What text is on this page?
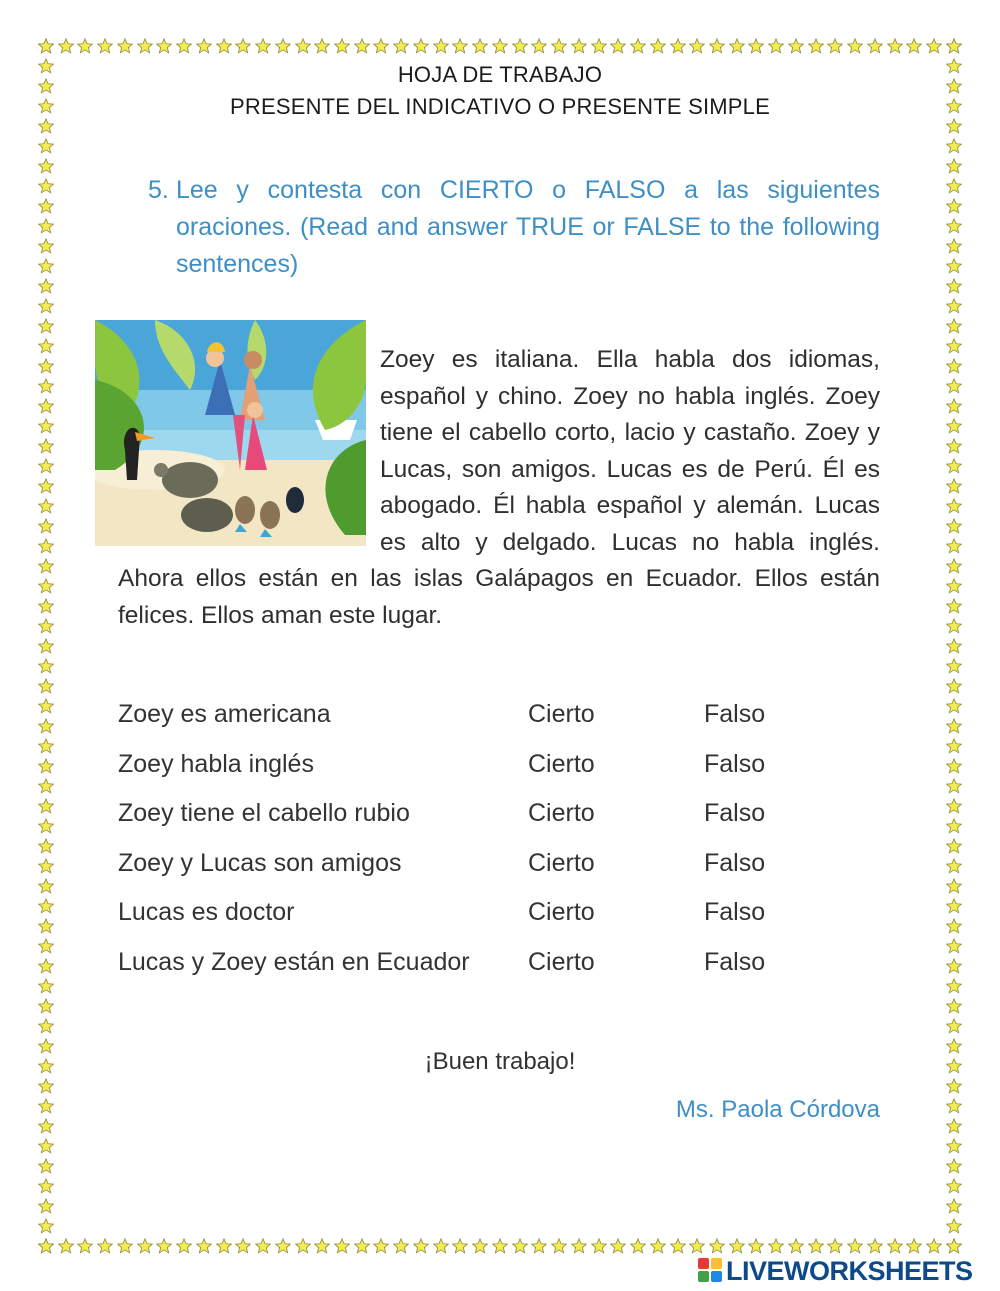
HOJA DE TRABAJO
PRESENTE DEL INDICATIVO O PRESENTE SIMPLE
5. Lee y contesta con CIERTO o FALSO a las siguientes oraciones. (Read and answer TRUE or FALSE to the following sentences)
Zoey es italiana. Ella habla dos idiomas, español y chino. Zoey no habla inglés. Zoey tiene el cabello corto, lacio y castaño. Zoey y Lucas, son amigos. Lucas es de Perú. Él es abogado. Él habla español y alemán. Lucas es alto y delgado. Lucas no habla inglés. Ahora ellos están en las islas Galápagos en Ecuador. Ellos están felices. Ellos aman este lugar.
Zoey es americana	Cierto	Falso
Zoey habla inglés	Cierto	Falso
Zoey tiene el cabello rubio	Cierto	Falso
Zoey y Lucas son amigos	Cierto	Falso
Lucas es doctor	Cierto	Falso
Lucas y Zoey están en Ecuador Cierto	Falso
¡Buen trabajo!
Ms. Paola Córdova
LIVEWORKSHEETS
